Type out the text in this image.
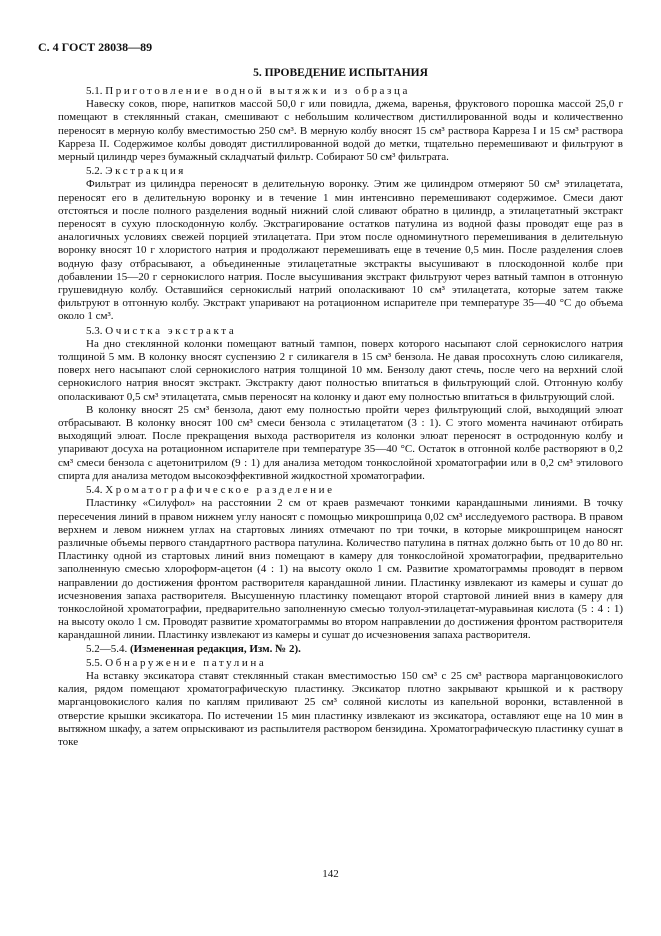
С. 4 ГОСТ 28038—89
5. ПРОВЕДЕНИЕ ИСПЫТАНИЯ

5.1. Приготовление водной вытяжки из образца

Навеску соков, пюре, напитков массой 50,0 г или повидла, джема, варенья, фруктового порошка массой 25,0 г помещают в стеклянный стакан, смешивают с небольшим количеством дистиллированной воды и количественно переносят в мерную колбу вместимостью 250 см³. В мерную колбу вносят 15 см³ раствора Карреза I и 15 см³ раствора Карреза II. Содержимое колбы доводят дистиллированной водой до метки, тщательно перемешивают и фильтруют в мерный цилиндр через бумажный складчатый фильтр. Собирают 50 см³ фильтрата.

5.2. Экстракция

Фильтрат из цилиндра переносят в делительную воронку. Этим же цилиндром отмеряют 50 см³ этилацетата, переносят его в делительную воронку и в течение 1 мин интенсивно перемешивают содержимое. Смеси дают отстояться и после полного разделения водный нижний слой сливают обратно в цилиндр, а этилацетатный экстракт переносят в сухую плоскодонную колбу. Экстрагирование остатков патулина из водной фазы проводят еще раз в аналогичных условиях свежей порцией этилацетата. При этом после одноминутного перемешивания в делительную воронку вносят 10 г хлористого натрия и продолжают перемешивать еще в течение 0,5 мин. После разделения слоев водную фазу отбрасывают, а объединенные этилацетатные экстракты высушивают в плоскодонной колбе при добавлении 15—20 г сернокислого натрия. После высушивания экстракт фильтруют через ватный тампон в отгонную грушевидную колбу. Оставшийся сернокислый натрий ополаскивают 10 см³ этилацетата, которые затем также фильтруют в отгонную колбу. Экстракт упаривают на ротационном испарителе при температуре 35—40 °С до объема около 1 см³.

5.3. Очистка экстракта

На дно стеклянной колонки помещают ватный тампон, поверх которого насыпают слой сернокислого натрия толщиной 5 мм. В колонку вносят суспензию 2 г силикагеля в 15 см³ бензола. Не давая просохнуть слою силикагеля, поверх него насыпают слой сернокислого натрия толщиной 10 мм. Бензолу дают стечь, после чего на верхний слой сернокислого натрия вносят экстракт. Экстракту дают полностью впитаться в фильтрующий слой. Отгонную колбу ополаскивают 0,5 см³ этилацетата, смыв переносят на колонку и дают ему полностью впитаться в фильтрующий слой.

В колонку вносят 25 см³ бензола, дают ему полностью пройти через фильтрующий слой, выходящий элюат отбрасывают. В колонку вносят 100 см³ смеси бензола с этилацетатом (3 : 1). С этого момента начинают отбирать выходящий элюат. После прекращения выхода растворителя из колонки элюат переносят в остродонную колбу и упаривают досуха на ротационном испарителе при температуре 35—40 °С. Остаток в отгонной колбе растворяют в 0,2 см³ смеси бензола с ацетонитрилом (9 : 1) для анализа методом тонкослойной хроматографии или в 0,2 см³ этилового спирта для анализа методом высокоэффективной жидкостной хроматографии.

5.4. Хроматографическое разделение

Пластинку «Силуфол» на расстоянии 2 см от краев размечают тонкими карандашными линиями. В точку пересечения линий в правом нижнем углу наносят с помощью микрошприца 0,02 см³ исследуемого раствора. В правом верхнем и левом нижнем углах на стартовых линиях отмечают по три точки, в которые микрошприцем наносят различные объемы первого стандартного раствора патулина. Количество патулина в пятнах должно быть от 10 до 80 нг. Пластинку одной из стартовых линий вниз помещают в камеру для тонкослойной хроматографии, предварительно заполненную смесью хлороформ-ацетон (4 : 1) на высоту около 1 см. Развитие хроматограммы проводят в первом направлении до достижения фронтом растворителя карандашной линии. Пластинку извлекают из камеры и сушат до исчезновения запаха растворителя. Высушенную пластинку помещают второй стартовой линией вниз в камеру для тонкослойной хроматографии, предварительно заполненную смесью толуол-этилацетат-муравьиная кислота (5 : 4 : 1) на высоту около 1 см. Проводят развитие хроматограммы во втором направлении до достижения фронтом растворителя карандашной линии. Пластинку извлекают из камеры и сушат до исчезновения запаха растворителя.

5.2—5.4. (Измененная редакция, Изм. № 2).

5.5. Обнаружение патулина

На вставку эксикатора ставят стеклянный стакан вместимостью 150 см³ с 25 см³ раствора марганцовокислого калия, рядом помещают хроматографическую пластинку. Эксикатор плотно закрывают крышкой и к раствору марганцовокислого калия по каплям приливают 25 см³ соляной кислоты из капельной воронки, вставленной в отверстие крышки эксикатора. По истечении 15 мин пластинку извлекают из эксикатора, оставляют еще на 10 мин в вытяжном шкафу, а затем опрыскивают из распылителя раствором бензидина. Хроматографическую пластинку сушат в токе

142
